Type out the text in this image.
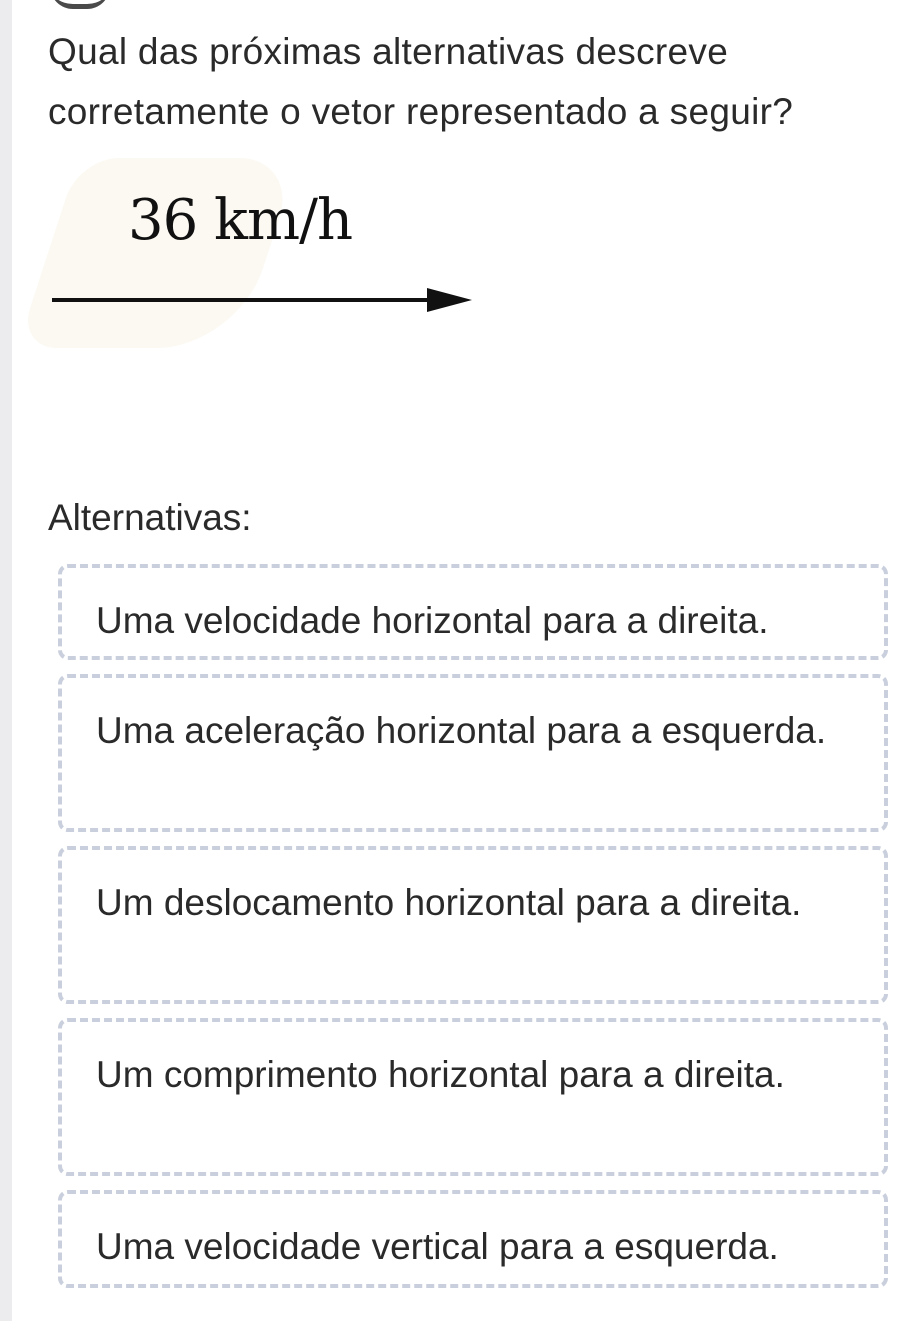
Qual das próximas alternativas descreve corretamente o vetor representado a seguir?
36 km/h
Alternativas:
Uma velocidade horizontal para a direita.
Uma aceleração horizontal para a esquerda.
Um deslocamento horizontal para a direita.
Um comprimento horizontal para a direita.
Uma velocidade vertical para a esquerda.
